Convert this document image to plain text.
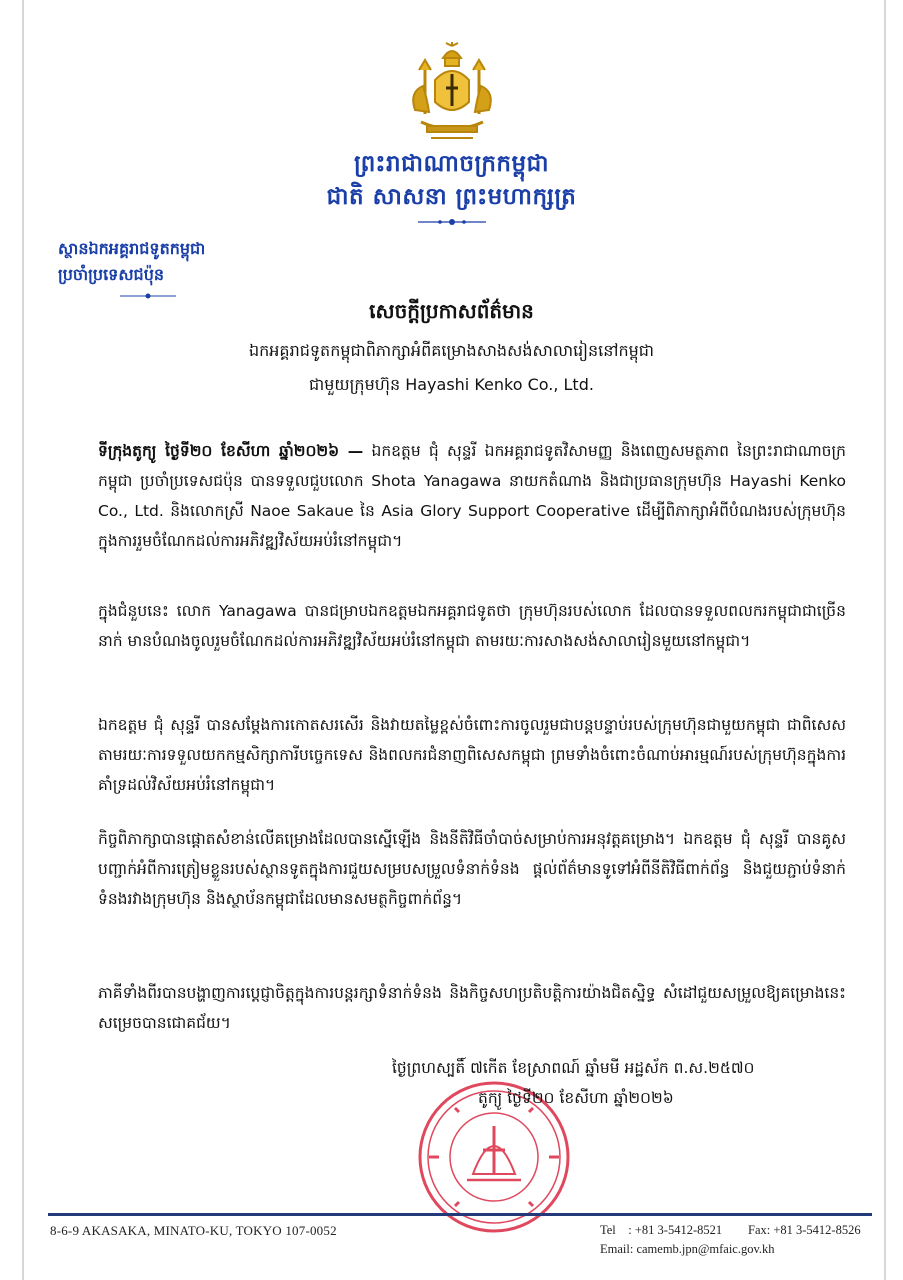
ព្រះរាជាណាចក្រកម្ពុជា
ជាតិ សាសនា ព្រះមហាក្សត្រ
ស្ថានឯកអគ្គរាជទូតកម្ពុជា
ប្រចាំប្រទេសជប៉ុន
សេចក្តីប្រកាសព័ត៌មាន
ឯកអគ្គរាជទូតកម្ពុជាពិភាក្សាអំពីគម្រោងសាងសង់សាលារៀននៅកម្ពុជា
ជាមួយក្រុមហ៊ុន Hayashi Kenko Co., Ltd.

ទីក្រុងតូក្យូ ថ្ងៃទី២០ ខែសីហា ឆ្នាំ២០២៦ — ឯកឧត្តម ជុំ សុន្ទរី ឯកអគ្គរាជទូតវិសាមញ្ញ និងពេញសមត្ថភាព នៃព្រះរាជាណាចក្រកម្ពុជា ប្រចាំប្រទេសជប៉ុន បានទទួលជួបលោក Shota Yanagawa នាយកតំណាង និងជាប្រធានក្រុមហ៊ុន Hayashi Kenko Co., Ltd. និងលោកស្រី Naoe Sakaue នៃ Asia Glory Support Cooperative ដើម្បីពិភាក្សាអំពីបំណងរបស់ក្រុមហ៊ុនក្នុងការរួមចំណែកដល់ការអភិវឌ្ឍវិស័យអប់រំនៅកម្ពុជា។

ក្នុងជំនួបនេះ លោក Yanagawa បានជម្រាបឯកឧត្តមឯកអគ្គរាជទូតថា ក្រុមហ៊ុនរបស់លោក ដែលបានទទួលពលករកម្ពុជាជាច្រើននាក់ មានបំណងចូលរួមចំណែកដល់ការអភិវឌ្ឍវិស័យអប់រំនៅកម្ពុជា តាមរយៈការសាងសង់សាលារៀនមួយនៅកម្ពុជា។

ឯកឧត្តម ជុំ សុន្ទរី បានសម្តែងការកោតសរសើរ និងវាយតម្លៃខ្ពស់ចំពោះការចូលរួមជាបន្តបន្ទាប់របស់ក្រុមហ៊ុនជាមួយកម្ពុជា ជាពិសេសតាមរយៈការទទួលយកកម្មសិក្សាការីបច្ចេកទេស និងពលករជំនាញពិសេសកម្ពុជា ព្រមទាំងចំពោះចំណាប់អារម្មណ៍របស់ក្រុមហ៊ុនក្នុងការគាំទ្រដល់វិស័យអប់រំនៅកម្ពុជា។

កិច្ចពិភាក្សាបានផ្តោតសំខាន់លើគម្រោងដែលបានស្នើឡើង និងនីតិវិធីចាំបាច់សម្រាប់ការអនុវត្តគម្រោង។ ឯកឧត្តម ជុំ សុន្ទរី បានគូសបញ្ជាក់អំពីការត្រៀមខ្លួនរបស់ស្ថានទូតក្នុងការជួយសម្របសម្រួលទំនាក់ទំនង ផ្តល់ព័ត៌មានទូទៅអំពីនីតិវិធីពាក់ព័ន្ធ និងជួយភ្ជាប់ទំនាក់ទំនងរវាងក្រុមហ៊ុន និងស្ថាប័នកម្ពុជាដែលមានសមត្ថកិច្ចពាក់ព័ន្ធ។

ភាគីទាំងពីរបានបង្ហាញការប្តេជ្ញាចិត្តក្នុងការបន្តរក្សាទំនាក់ទំនង និងកិច្ចសហប្រតិបត្តិការយ៉ាងជិតស្និទ្ធ សំដៅជួយសម្រួលឱ្យគម្រោងនេះសម្រេចបានជោគជ័យ។

ថ្ងៃព្រហស្បតិ៍ ៧កើត ខែស្រាពណ៍ ឆ្នាំមមី អដ្ឋស័ក ព.ស.២៥៧០
តូក្យូ ថ្ងៃទី២០ ខែសីហា ឆ្នាំ២០២៦
8-6-9 AKASAKA, MINATO-KU, TOKYO 107-0052	Tel    : +81 3-5412-8521 Fax: +81 3-5412-8526
Email: camemb.jpn@mfaic.gov.kh
